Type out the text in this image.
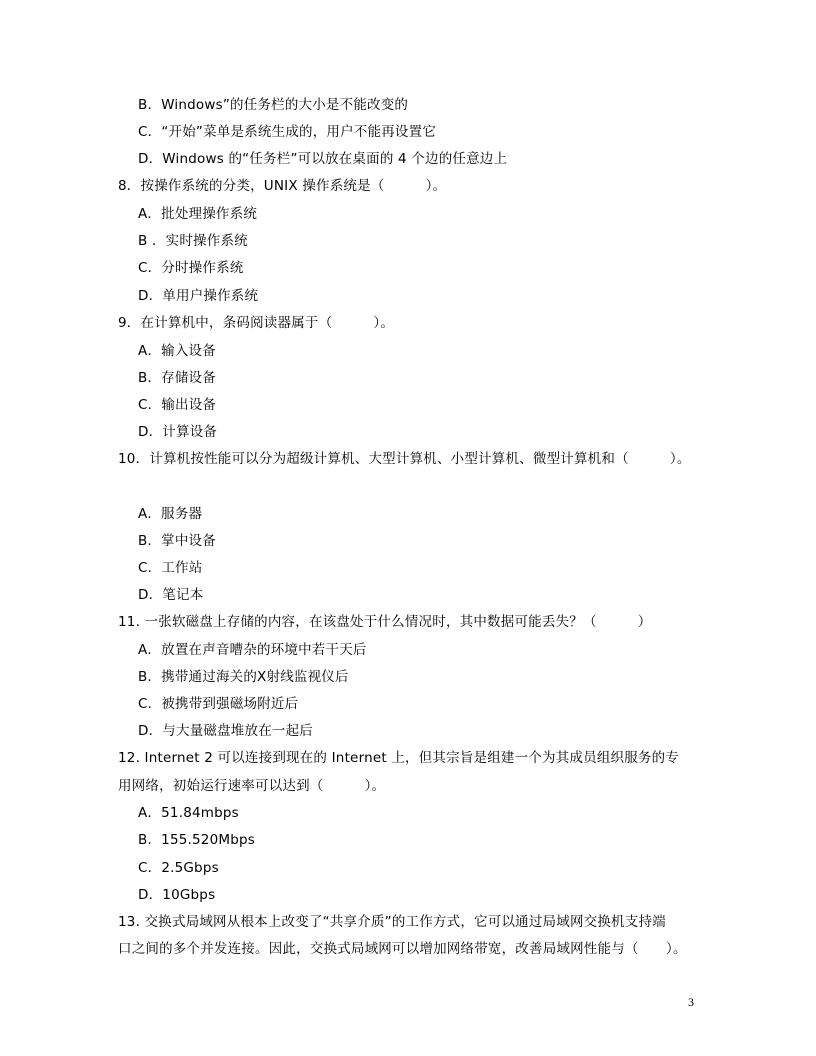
B．Windows”的任务栏的大小是不能改变的
C．“开始”菜单是系统生成的，用户不能再设置它
D．Windows 的“任务栏”可以放在桌面的 4 个边的任意边上
8．按操作系统的分类，UNIX 操作系统是（　　　）。
A．批处理操作系统
B ．实时操作系统
C．分时操作系统
D．单用户操作系统
9．在计算机中，条码阅读器属于（　　　）。
A．输入设备
B．存储设备
C．输出设备
D．计算设备
10．计算机按性能可以分为超级计算机、大型计算机、小型计算机、微型计算机和（　　　）。
A．服务器
B．掌中设备
C．工作站
D．笔记本
11. 一张软磁盘上存储的内容，在该盘处于什么情况时，其中数据可能丢失？（　　　）
A．放置在声音嘈杂的环境中若干天后
B．携带通过海关的X射线监视仪后
C．被携带到强磁场附近后
D．与大量磁盘堆放在一起后
12. Internet 2 可以连接到现在的 Internet 上，但其宗旨是组建一个为其成员组织服务的专
用网络，初始运行速率可以达到（　　　）。
A．51.84mbps
B．155.520Mbps
C．2.5Gbps
D．10Gbps
13. 交换式局域网从根本上改变了“共享介质”的工作方式，它可以通过局域网交换机支持端
口之间的多个并发连接。因此，交换式局域网可以增加网络带宽，改善局域网性能与（　　）。
3
